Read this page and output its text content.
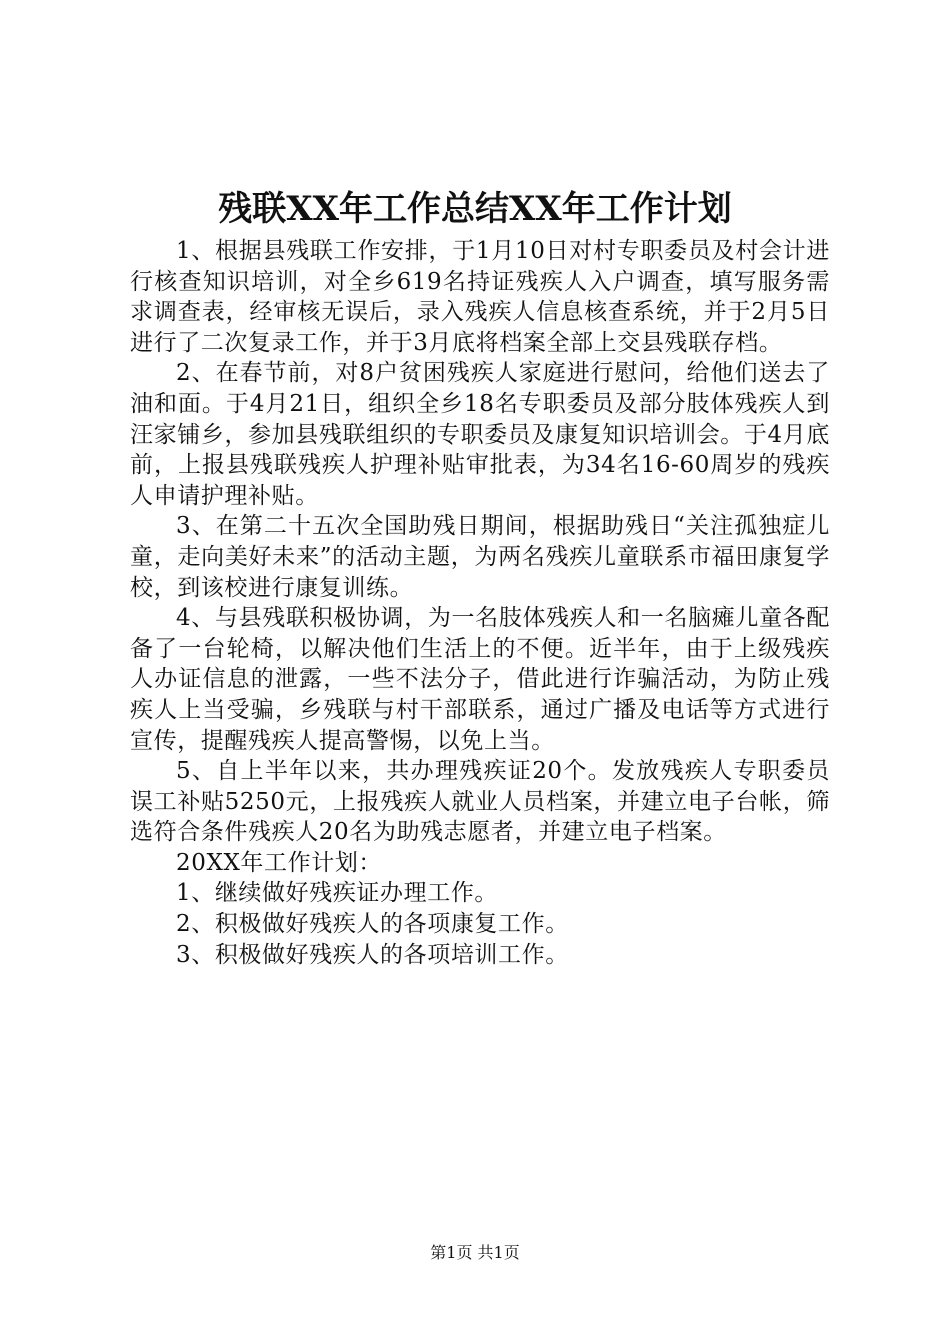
残联XX年工作总结XX年工作计划

1、根据县残联工作安排，于1月10日对村专职委员及村会计进行核查知识培训，对全乡619名持证残疾人入户调查，填写服务需求调查表，经审核无误后，录入残疾人信息核查系统，并于2月5日进行了二次复录工作，并于3月底将档案全部上交县残联存档。

2、在春节前，对8户贫困残疾人家庭进行慰问，给他们送去了油和面。于4月21日，组织全乡18名专职委员及部分肢体残疾人到汪家铺乡，参加县残联组织的专职委员及康复知识培训会。于4月底前，上报县残联残疾人护理补贴审批表，为34名16-60周岁的残疾人申请护理补贴。

3、在第二十五次全国助残日期间，根据助残日“关注孤独症儿童，走向美好未来”的活动主题，为两名残疾儿童联系市福田康复学校，到该校进行康复训练。

4、与县残联积极协调，为一名肢体残疾人和一名脑瘫儿童各配备了一台轮椅，以解决他们生活上的不便。近半年，由于上级残疾人办证信息的泄露，一些不法分子，借此进行诈骗活动，为防止残疾人上当受骗，乡残联与村干部联系，通过广播及电话等方式进行宣传，提醒残疾人提高警惕，以免上当。

5、自上半年以来，共办理残疾证20个。发放残疾人专职委员误工补贴5250元，上报残疾人就业人员档案，并建立电子台帐，筛选符合条件残疾人20名为助残志愿者，并建立电子档案。

20XX年工作计划：

1、继续做好残疾证办理工作。

2、积极做好残疾人的各项康复工作。

3、积极做好残疾人的各项培训工作。

第1页 共1页
